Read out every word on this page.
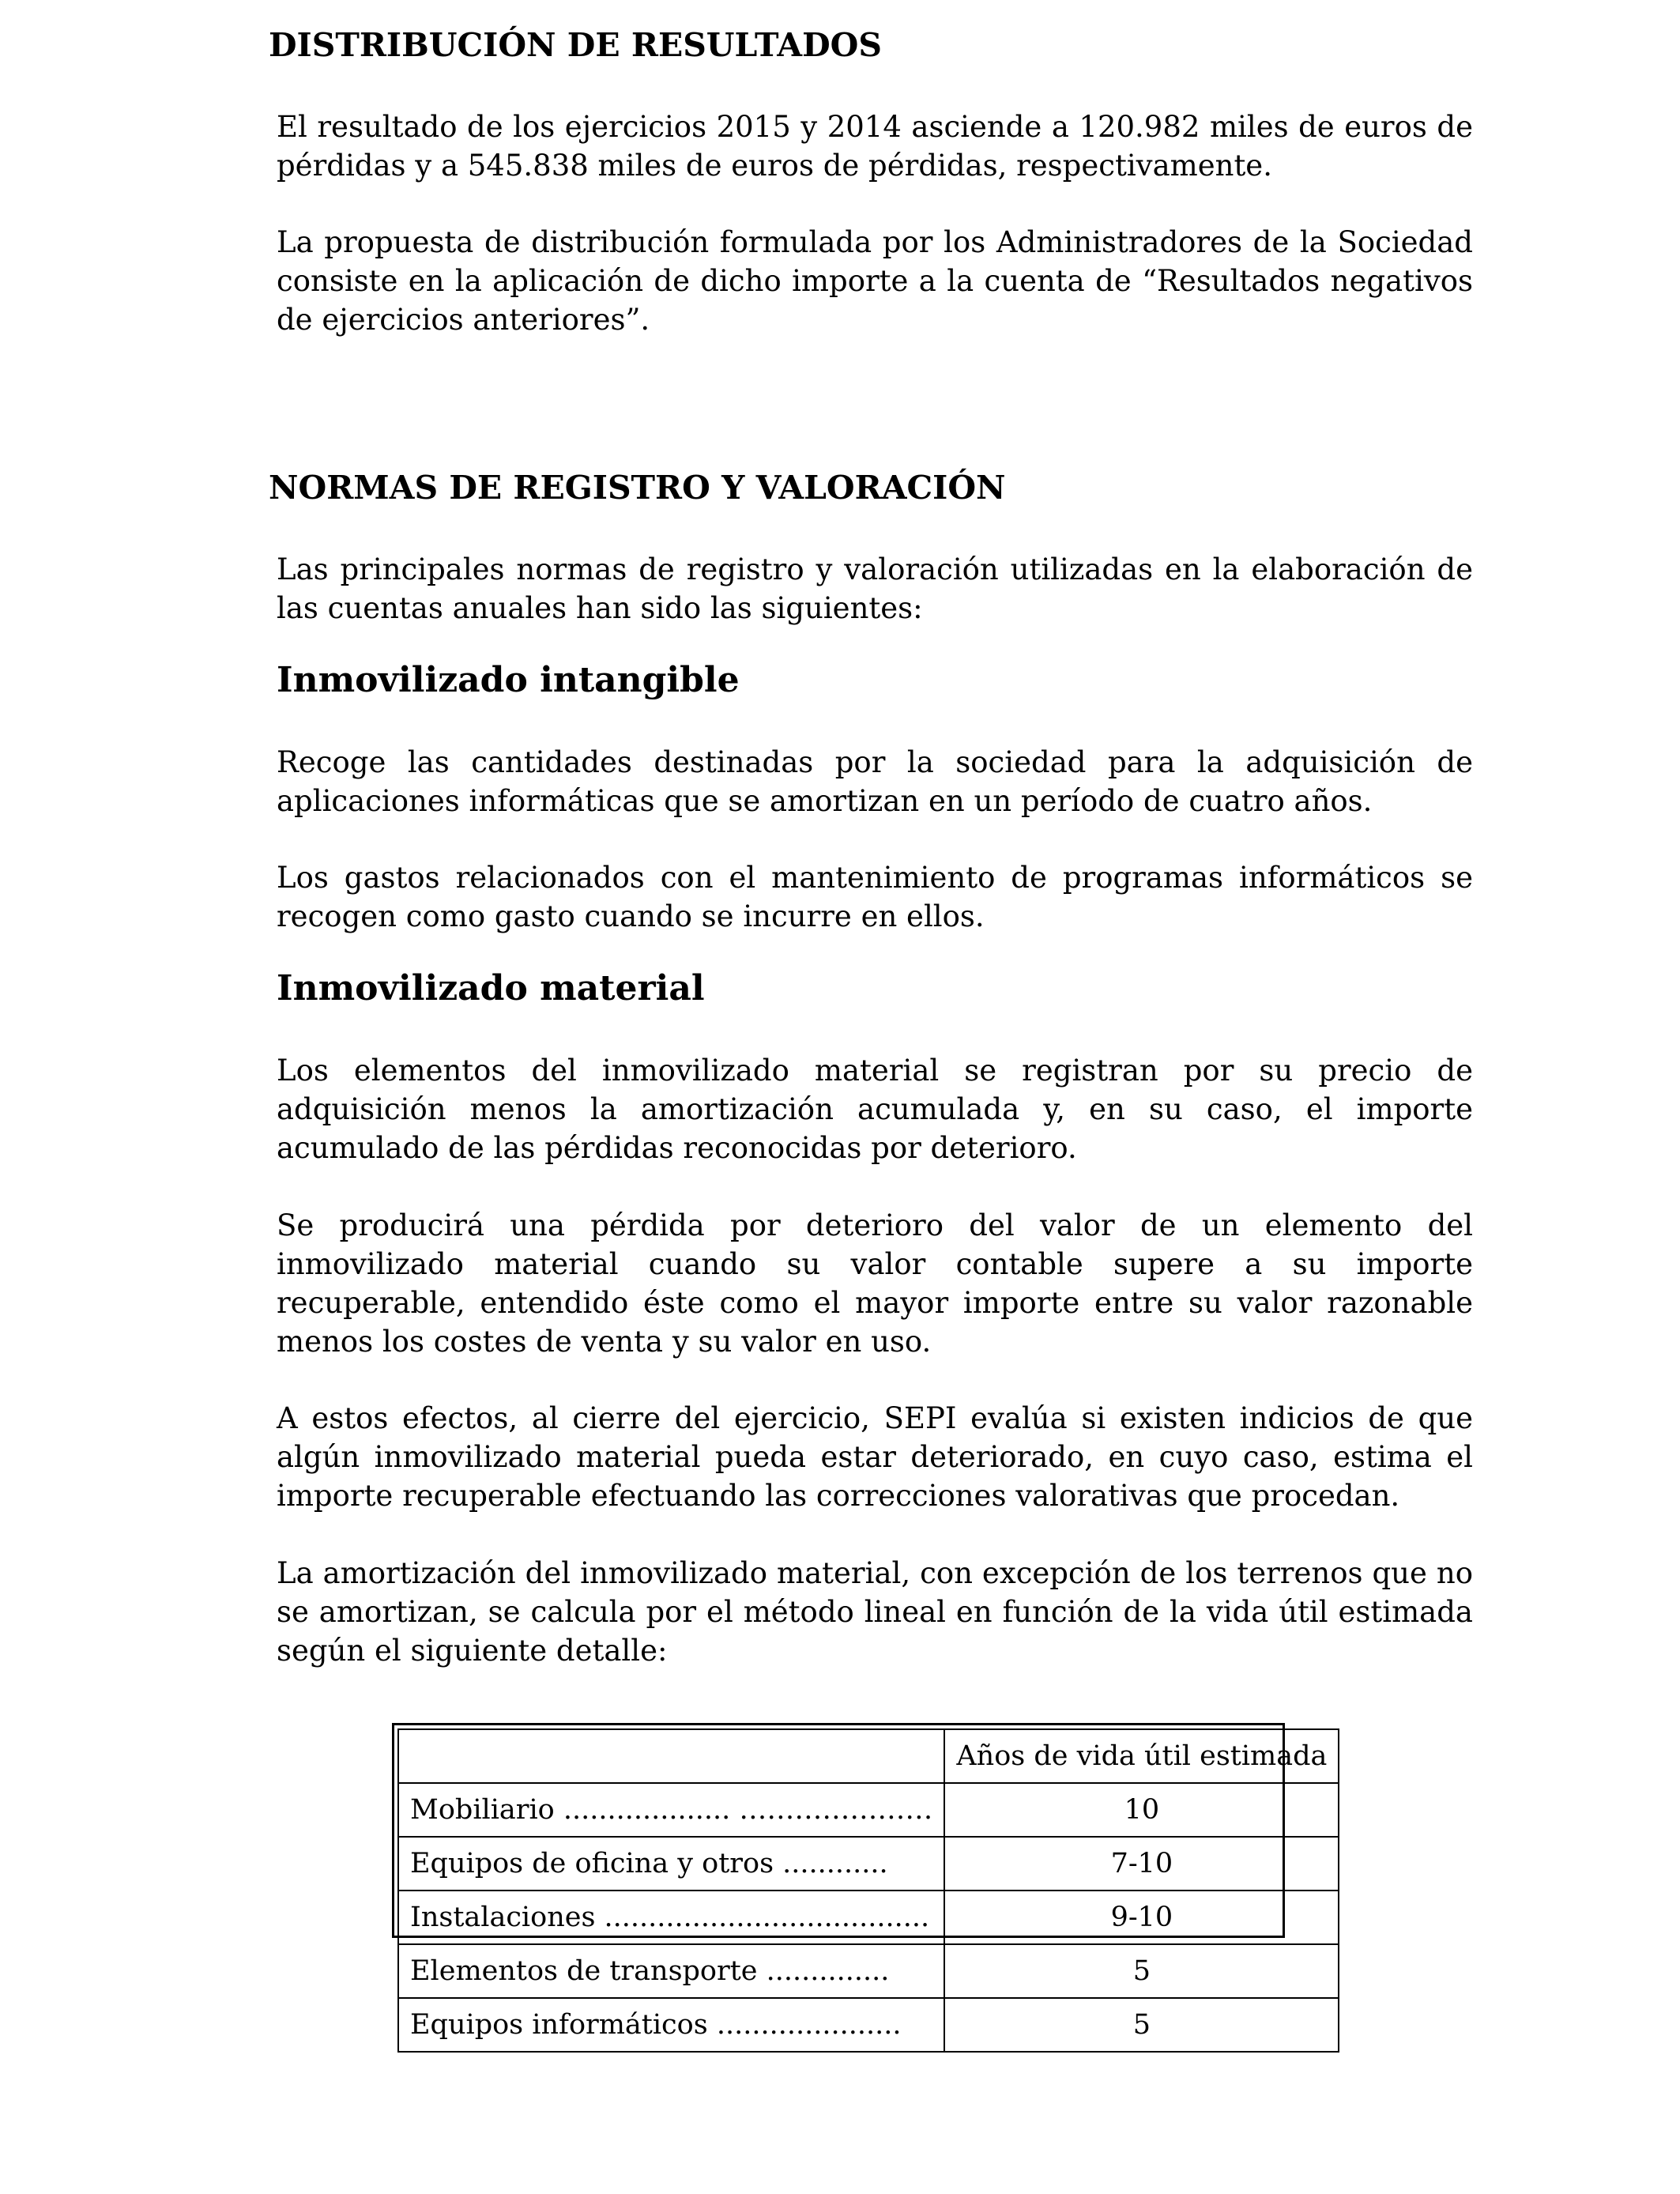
DISTRIBUCIÓN DE RESULTADOS

El resultado de los ejercicios 2015 y 2014 asciende a 120.982 miles de euros de pérdidas y a 545.838 miles de euros de pérdidas, respectivamente.

La propuesta de distribución formulada por los Administradores de la Sociedad consiste en la aplicación de dicho importe a la cuenta de “Resultados negativos de ejercicios anteriores”.

NORMAS DE REGISTRO Y VALORACIÓN

Las principales normas de registro y valoración utilizadas en la elaboración de las cuentas anuales han sido las siguientes:

Inmovilizado intangible

Recoge las cantidades destinadas por la sociedad para la adquisición de aplicaciones informáticas que se amortizan en un período de cuatro años.

Los gastos relacionados con el mantenimiento de programas informáticos se recogen como gasto cuando se incurre en ellos.

Inmovilizado material

Los elementos del inmovilizado material se registran por su precio de adquisición menos la amortización acumulada y, en su caso, el importe acumulado de las pérdidas reconocidas por deterioro.

Se producirá una pérdida por deterioro del valor de un elemento del inmovilizado material cuando su valor contable supere a su importe recuperable, entendido éste como el mayor importe entre su valor razonable menos los costes de venta y su valor en uso.

A estos efectos, al cierre del ejercicio, SEPI evalúa si existen indicios de que algún inmovilizado material pueda estar deteriorado, en cuyo caso, estima el importe recuperable efectuando las correcciones valorativas que procedan.

La amortización del inmovilizado material, con excepción de los terrenos que no se amortizan, se calcula por el método lineal en función de la vida útil estimada según el siguiente detalle:

	Años de vida útil estimada
Mobiliario ................... …………………	10
Equipos de oficina y otros ............	7-10
Instalaciones .....................................	9-10
Elementos de transporte ..............	5
Equipos informáticos .....................	5
